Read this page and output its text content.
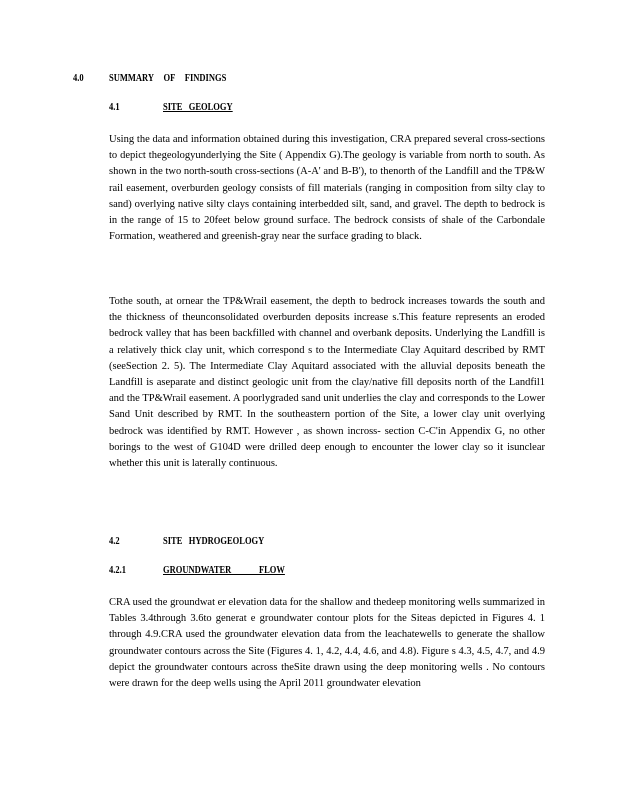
4.0	SUMMARY OF FINDINGS
4.1	SITE GEOLOGY
Using the data and information obtained during this investigation, CRA prepared several cross-sections to depict thegeologyunderlying the Site ( Appendix G).The geology is variable from north to south. As shown in the two north-south cross-sections (A-A' and B-B'), to thenorth of the Landfill and the TP&W rail easement, overburden geology consists of fill materials (ranging in composition from silty clay to sand) overlying native silty clays containing interbedded silt, sand, and gravel. The depth to bedrock is in the range of 15 to 20feet below ground surface. The bedrock consists of shale of the Carbondale Formation, weathered and greenish-gray near the surface grading to black.
Tothe south, at ornear the TP&Wrail easement, the depth to bedrock increases towards the south and the thickness of theunconsolidated overburden deposits increase s.This feature represents an eroded bedrock valley that has been backfilled with channel and overbank deposits. Underlying the Landfill is a relatively thick clay unit, which correspond s to the Intermediate Clay Aquitard described by RMT (seeSection 2. 5). The Intermediate Clay Aquitard associated with the alluvial deposits beneath the Landfill is aseparate and distinct geologic unit from the clay/native fill deposits north of the Landfil1 and the TP&Wrail easement. A poorlygraded sand unit underlies the clay and corresponds to the Lower Sand Unit described by RMT. In the southeastern portion of the Site, a lower clay unit overlying bedrock was identified by RMT. However , as shown incross- section C-C'in Appendix G, no other borings to the west of G104D were drilled deep enough to encounter the lower clay so it isunclear whether this unit is laterally continuous.
4.2	SITE HYDROGEOLOGY
4.2.1	GROUNDWATER FLOW
CRA used the groundwat er elevation data for the shallow and thedeep monitoring wells summarized in Tables 3.4through 3.6to generat e groundwater contour plots for the Siteas depicted in Figures 4. 1 through 4.9.CRA used the groundwater elevation data from the leachatewells to generate the shallow groundwater contours across the Site (Figures 4. 1, 4.2, 4.4, 4.6, and 4.8). Figure s 4.3, 4.5, 4.7, and 4.9 depict the groundwater contours across theSite drawn using the deep monitoring wells . No contours were drawn for the deep wells using the April 2011 groundwater elevation
